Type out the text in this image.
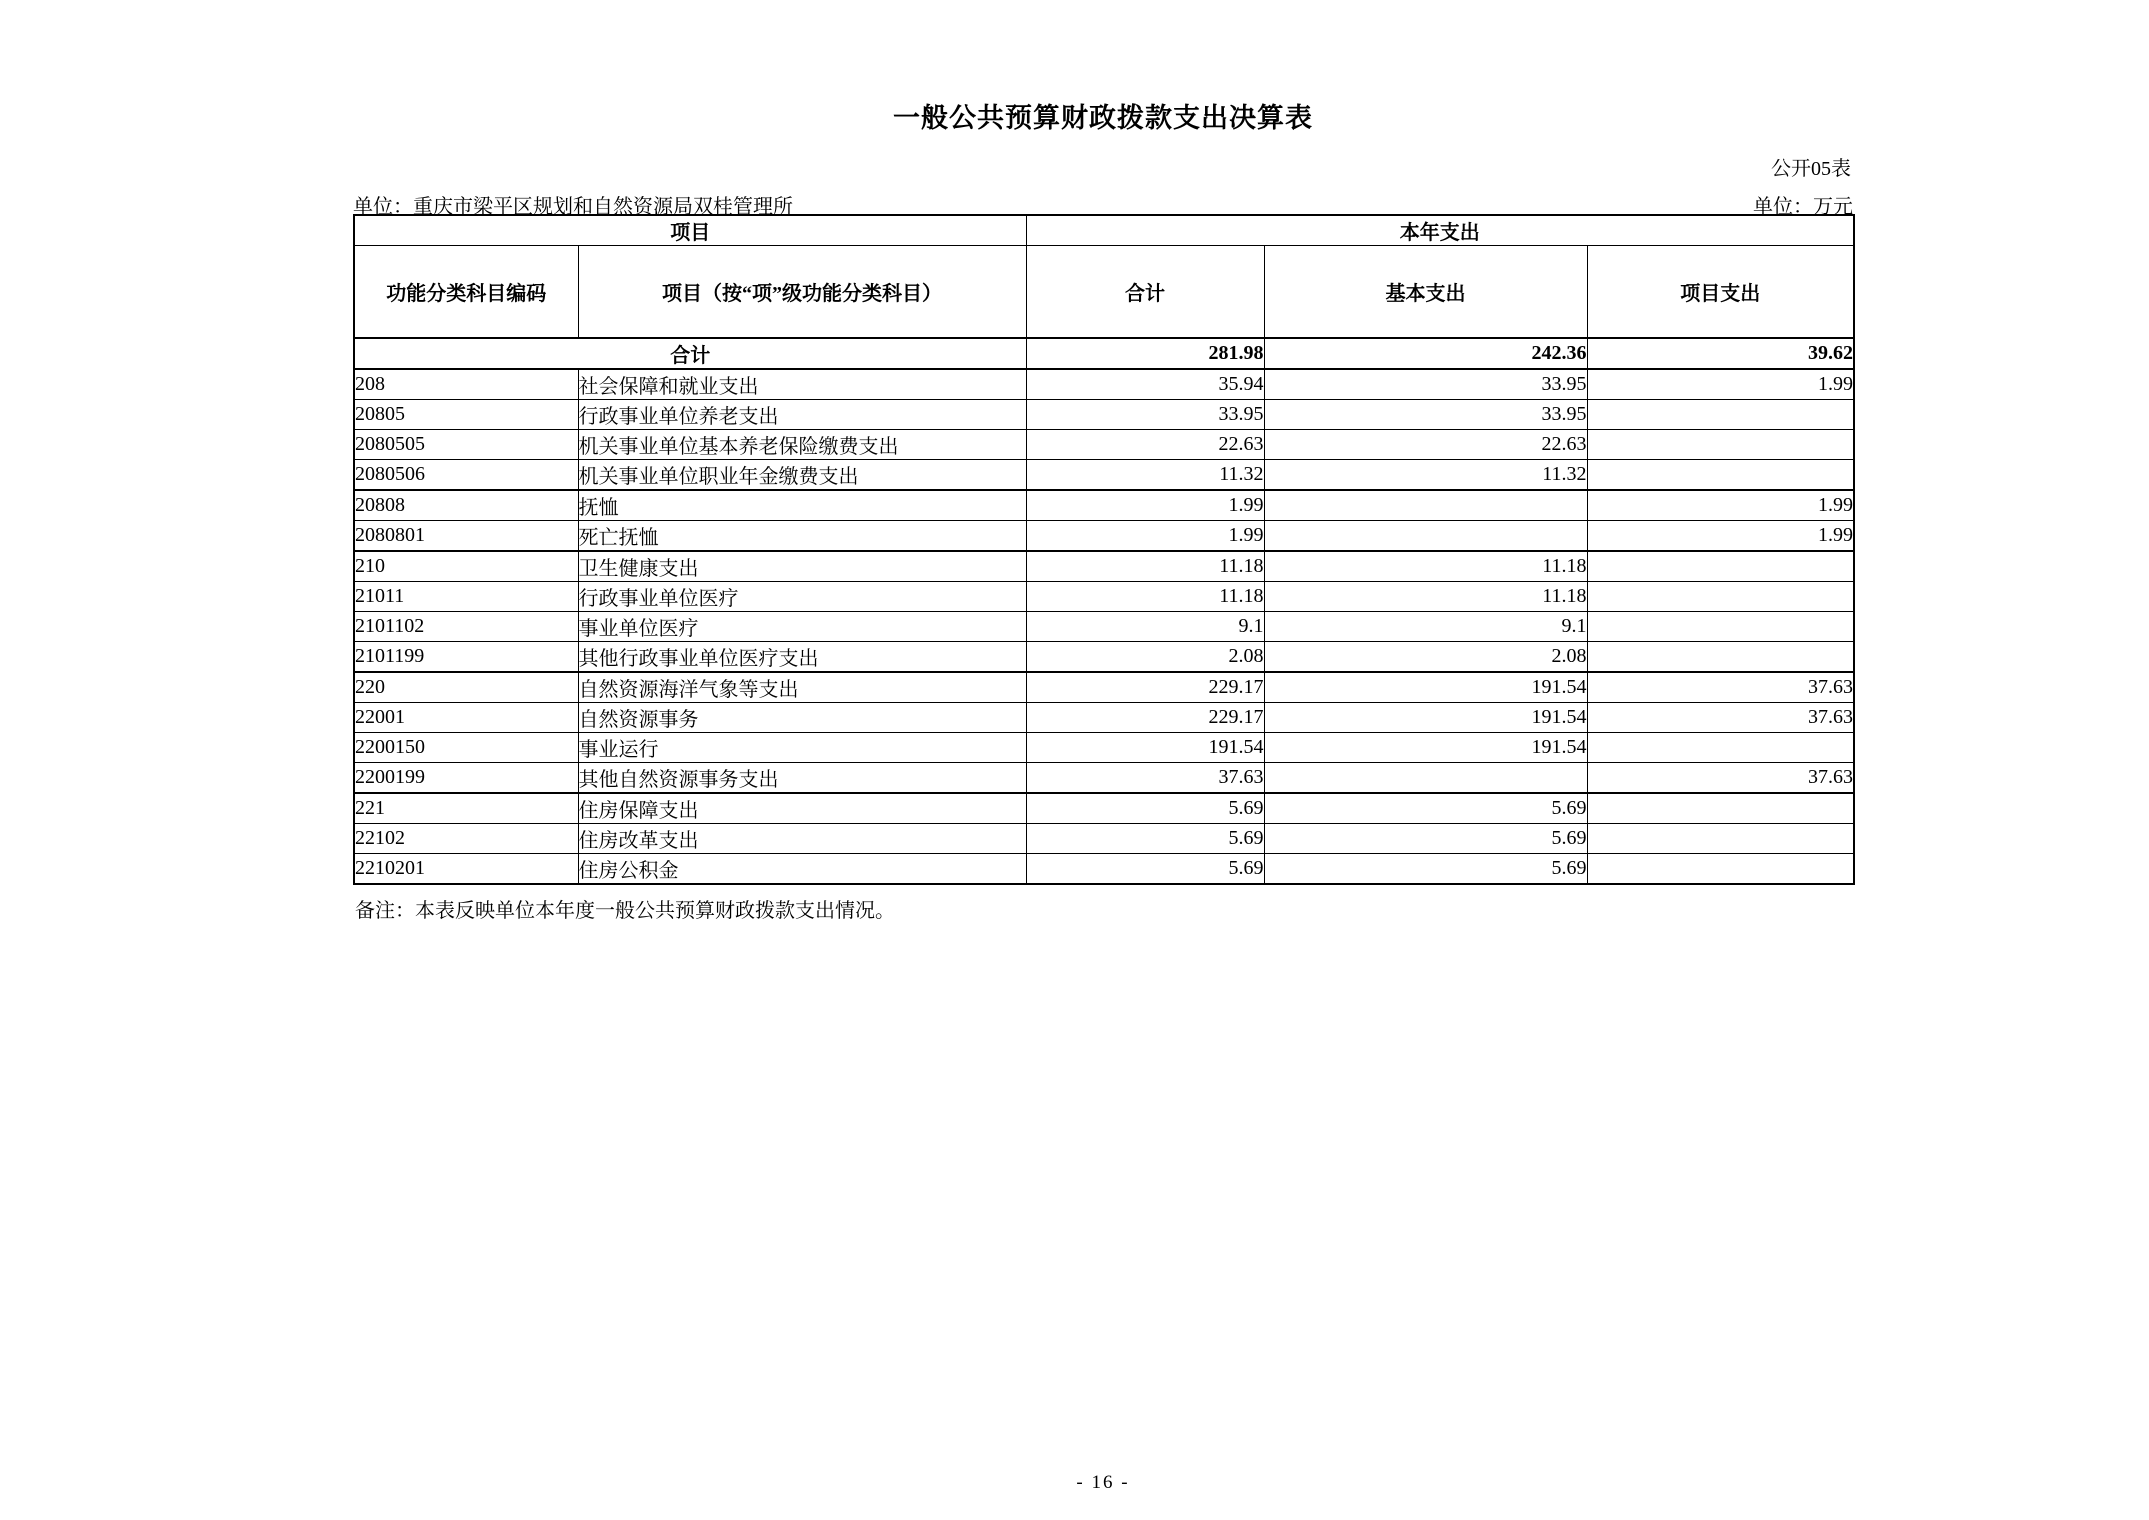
一般公共预算财政拨款支出决算表
公开05表
单位：重庆市梁平区规划和自然资源局双桂管理所	单位：万元
项目		本年支出		
功能分类科目编码	项目（按“项”级功能分类科目）	合计	基本支出	项目支出
合计		281.98	242.36	39.62
208	社会保障和就业支出	35.94	33.95	1.99
20805	行政事业单位养老支出	33.95	33.95	
2080505	机关事业单位基本养老保险缴费支出	22.63	22.63	
2080506	机关事业单位职业年金缴费支出	11.32	11.32	
20808	抚恤	1.99		1.99
2080801	死亡抚恤	1.99		1.99
210	卫生健康支出	11.18	11.18	
21011	行政事业单位医疗	11.18	11.18	
2101102	事业单位医疗	9.1	9.1	
2101199	其他行政事业单位医疗支出	2.08	2.08	
220	自然资源海洋气象等支出	229.17	191.54	37.63
22001	自然资源事务	229.17	191.54	37.63
2200150	事业运行	191.54	191.54	
2200199	其他自然资源事务支出	37.63		37.63
221	住房保障支出	5.69	5.69	
22102	住房改革支出	5.69	5.69	
2210201	住房公积金	5.69	5.69	
备注：本表反映单位本年度一般公共预算财政拨款支出情况。
- 16 -
